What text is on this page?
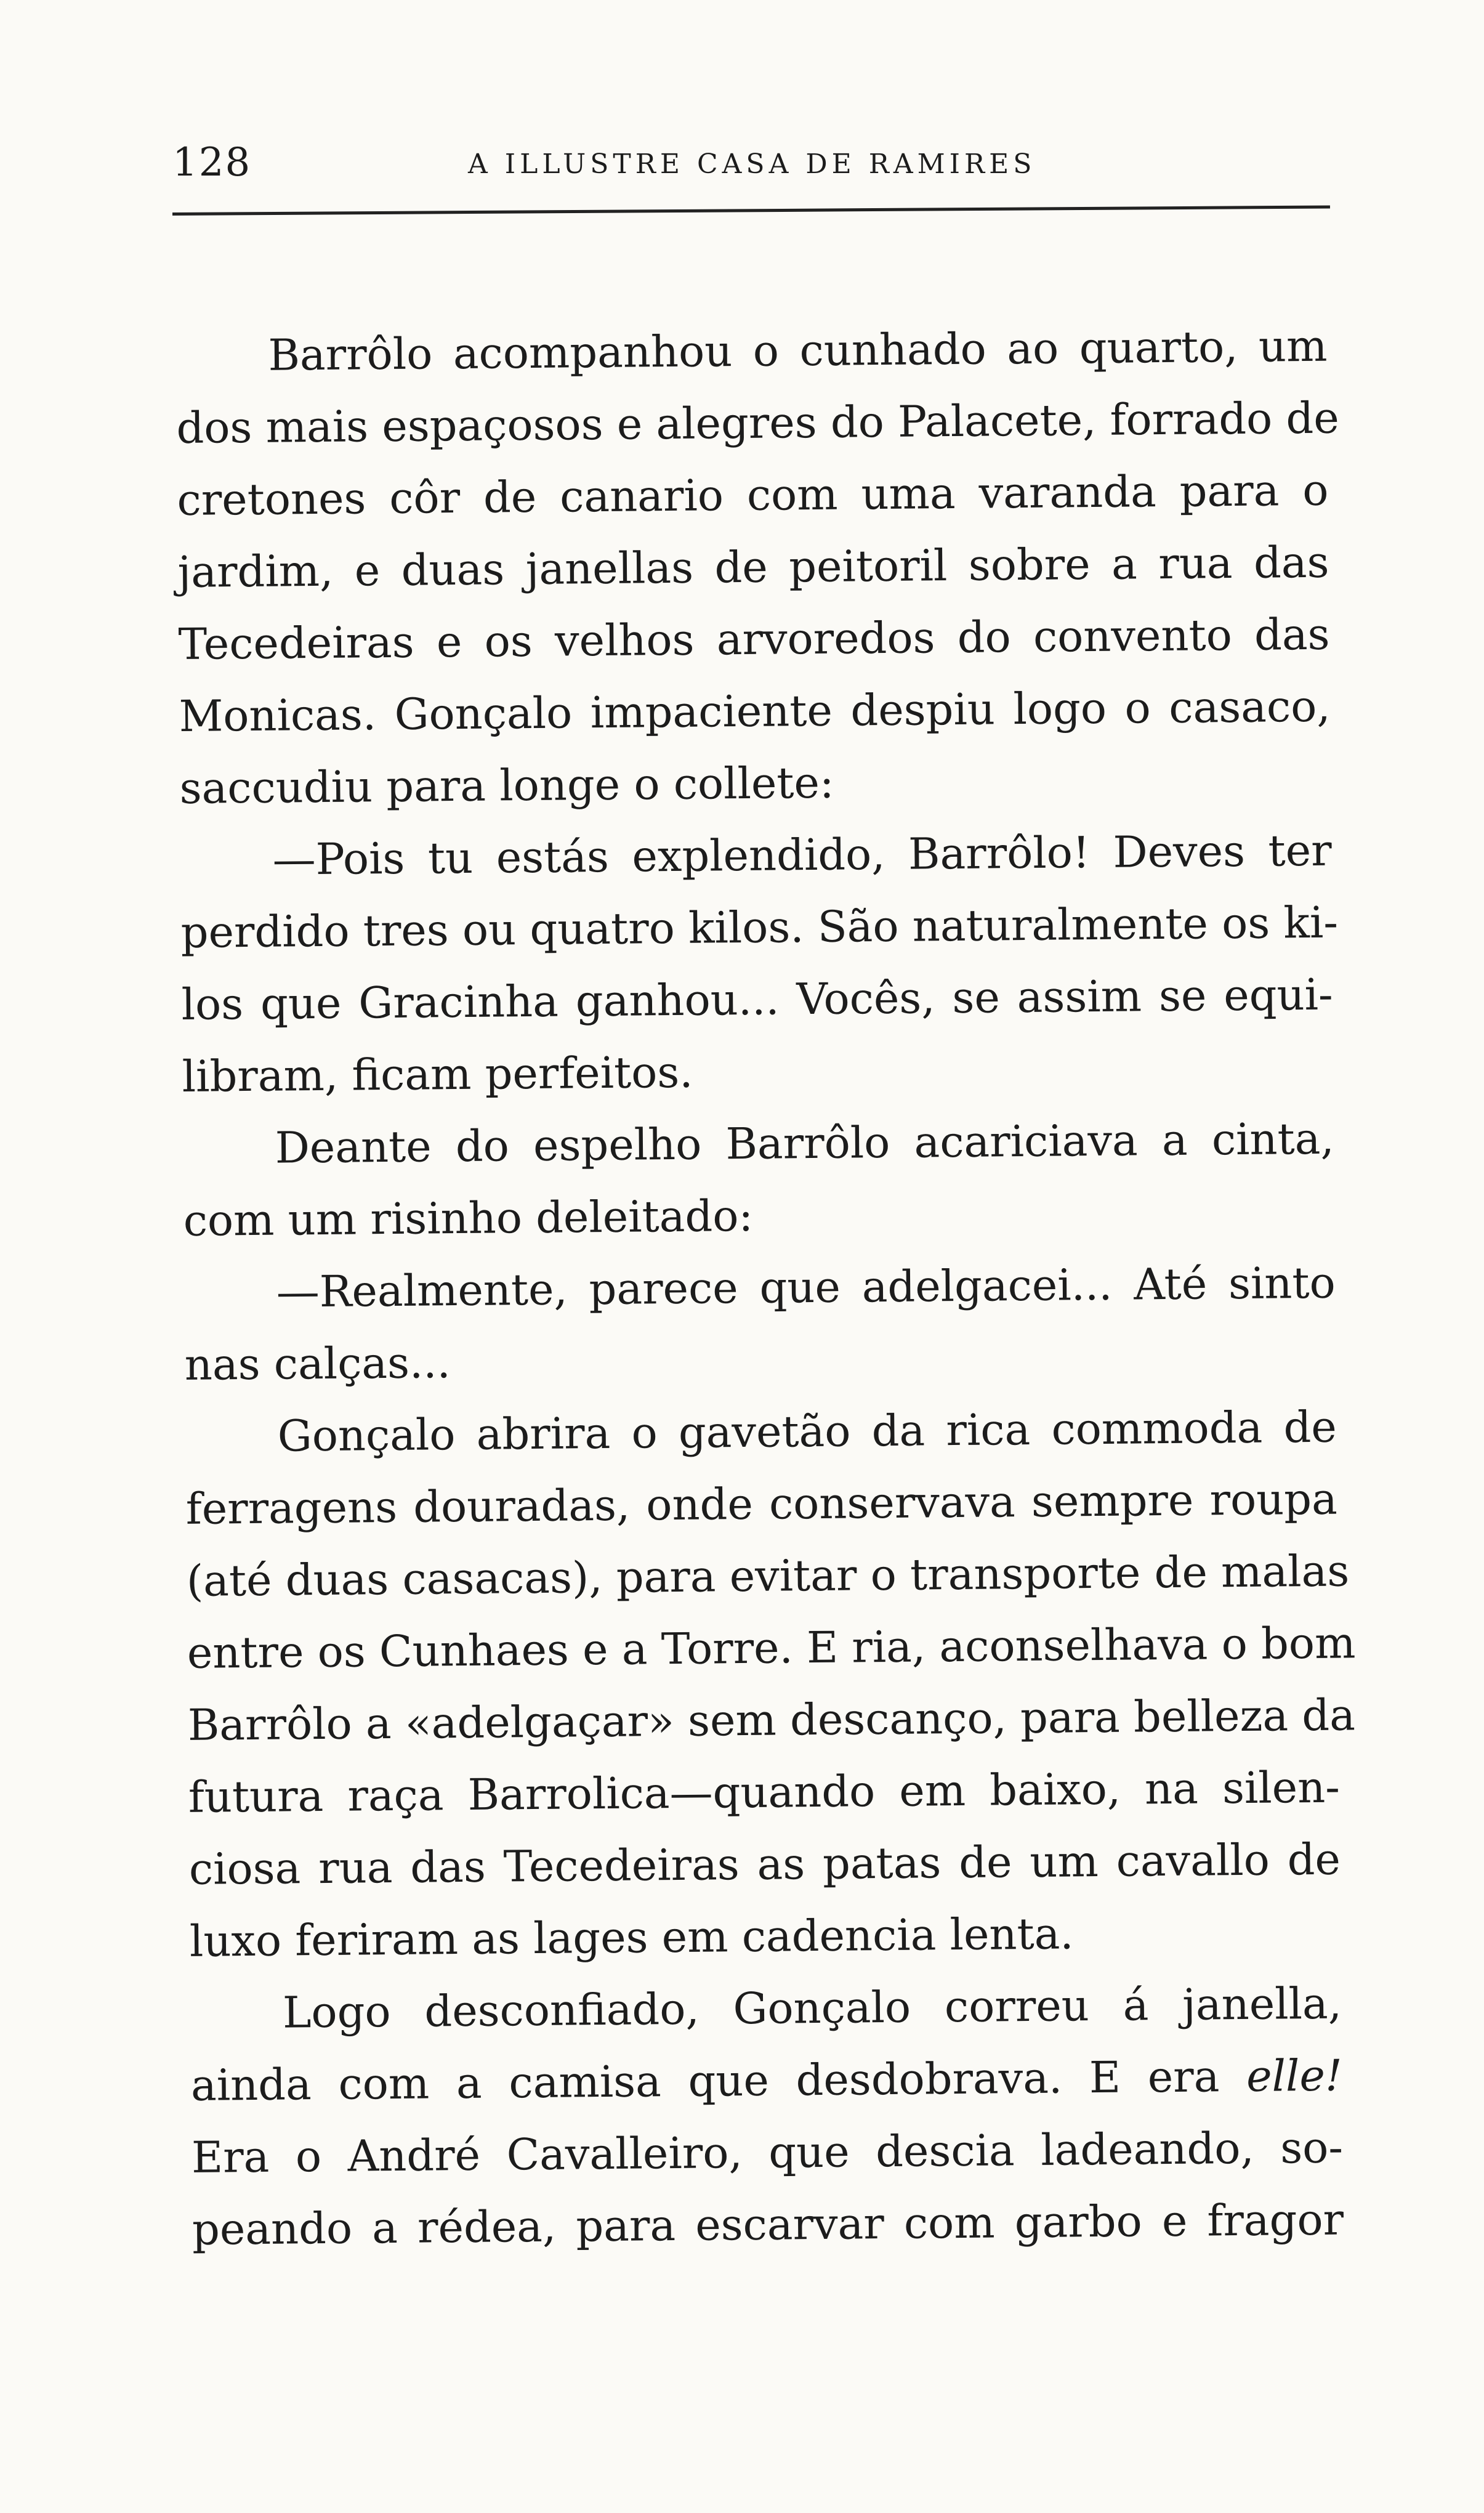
128	A ILLUSTRE CASA DE RAMIRES
Barrôlo acompanhou o cunhado ao quarto, um
dos mais espaçosos e alegres do Palacete, forrado de
cretones côr de canario com uma varanda para o
jardim, e duas janellas de peitoril sobre a rua das
Tecedeiras e os velhos arvoredos do convento das
Monicas. Gonçalo impaciente despiu logo o casaco,
saccudiu para longe o collete:
—Pois tu estás explendido, Barrôlo! Deves ter
perdido tres ou quatro kilos. São naturalmente os ki-
los que Gracinha ganhou... Vocês, se assim se equi-
libram, ficam perfeitos.
Deante do espelho Barrôlo acariciava a cinta,
com um risinho deleitado:
—Realmente, parece que adelgacei... Até sinto
nas calças...
Gonçalo abrira o gavetão da rica commoda de
ferragens douradas, onde conservava sempre roupa
(até duas casacas), para evitar o transporte de malas
entre os Cunhaes e a Torre. E ria, aconselhava o bom
Barrôlo a «adelgaçar» sem descanço, para belleza da
futura raça Barrolica—quando em baixo, na silen-
ciosa rua das Tecedeiras as patas de um cavallo de
luxo feriram as lages em cadencia lenta.
Logo desconfiado, Gonçalo correu á janella,
ainda com a camisa que desdobrava. E era elle!
Era o André Cavalleiro, que descia ladeando, so-
peando a rédea, para escarvar com garbo e fragor
